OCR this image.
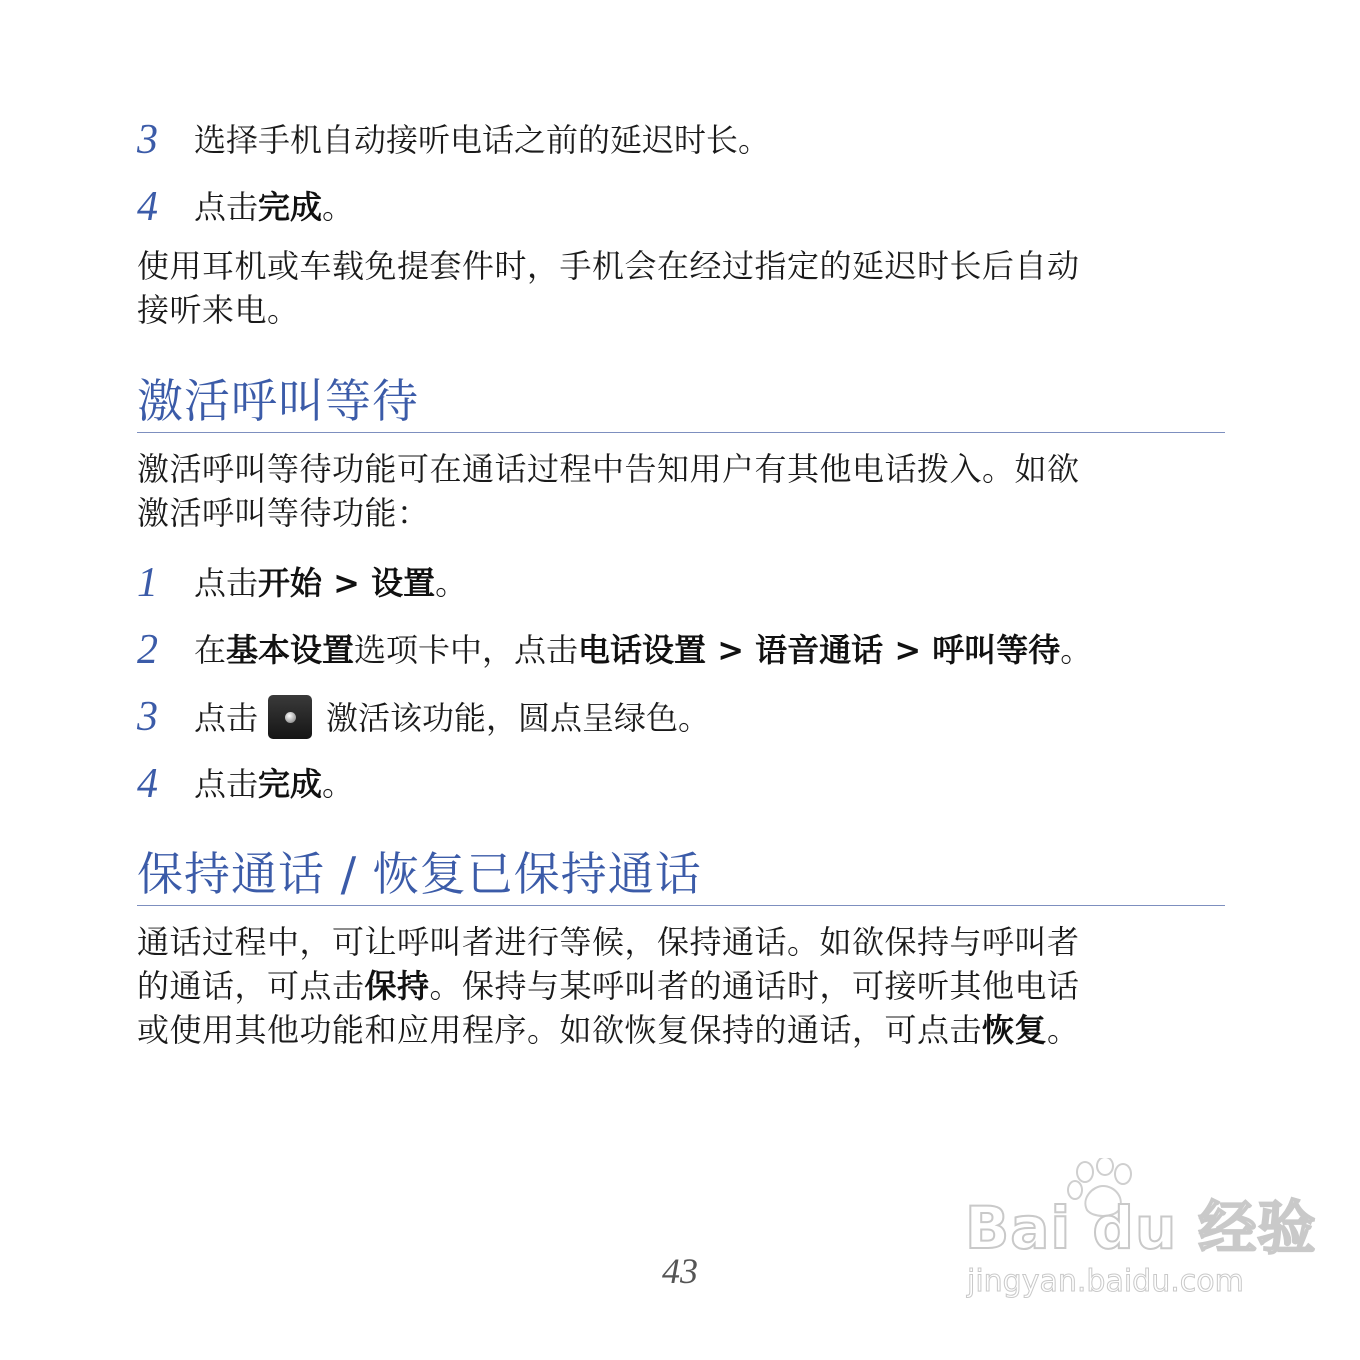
3	选择手机自动接听电话之前的延迟时长。
4	点击完成。
使用耳机或车载免提套件时，手机会在经过指定的延迟时长后自动
接听来电。
激活呼叫等待
激活呼叫等待功能可在通话过程中告知用户有其他电话拨入。如欲
激活呼叫等待功能：
1	点击开始 > 设置。
2	在基本设置选项卡中，点击电话设置 > 语音通话 > 呼叫等待。
3	点击 激活该功能，圆点呈绿色。
4	点击完成。
保持通话 / 恢复已保持通话
通话过程中，可让呼叫者进行等候，保持通话。如欲保持与呼叫者
的通话，可点击保持。保持与某呼叫者的通话时，可接听其他电话
或使用其他功能和应用程序。如欲恢复保持的通话，可点击恢复。
43
Bai du 经验
jingyan.baidu.com
